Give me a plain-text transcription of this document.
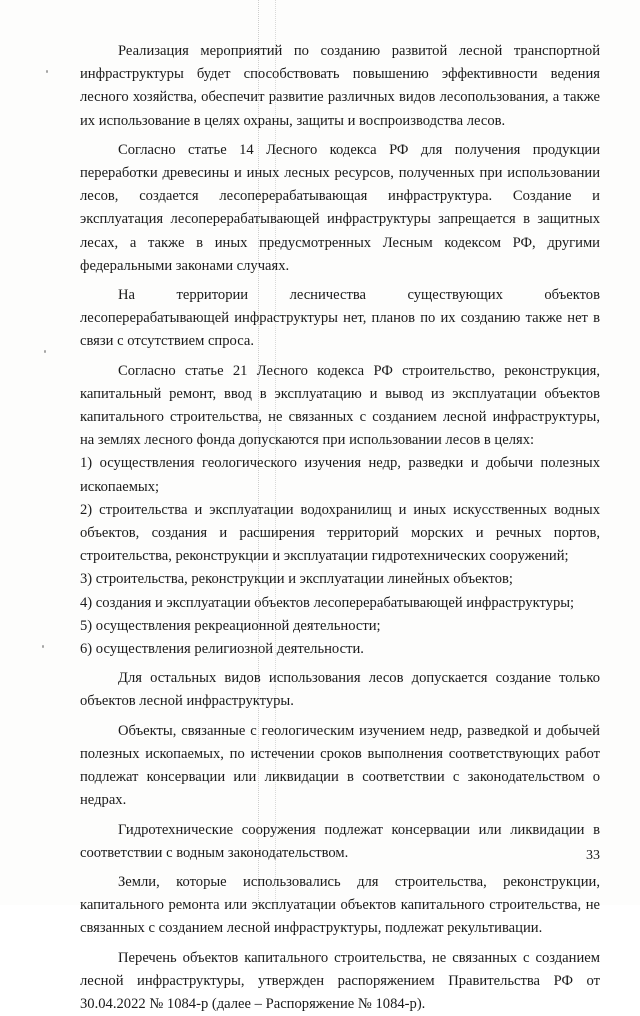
Реализация мероприятий по созданию развитой лесной транспортной инфраструктуры будет способствовать повышению эффективности ведения лесного хозяйства, обеспечит развитие различных видов лесопользования, а также их использование в целях охраны, защиты и воспроизводства лесов.

Согласно статье 14 Лесного кодекса РФ для получения продукции переработки древесины и иных лесных ресурсов, полученных при использовании лесов, создается лесоперерабатывающая инфраструктура. Создание и эксплуатация лесоперерабатывающей инфраструктуры запрещается в защитных лесах, а также в иных предусмотренных Лесным кодексом РФ, другими федеральными законами случаях.

На территории лесничества существующих объектов лесоперерабатывающей инфраструктуры нет, планов по их созданию также нет в связи с отсутствием спроса.

Согласно статье 21 Лесного кодекса РФ строительство, реконструкция, капитальный ремонт, ввод в эксплуатацию и вывод из эксплуатации объектов капитального строительства, не связанных с созданием лесной инфраструктуры, на землях лесного фонда допускаются при использовании лесов в целях:

1) осуществления геологического изучения недр, разведки и добычи полезных ископаемых;

2) строительства и эксплуатации водохранилищ и иных искусственных водных объектов, создания и расширения территорий морских и речных портов, строительства, реконструкции и эксплуатации гидротехнических сооружений;

3) строительства, реконструкции и эксплуатации линейных объектов;

4) создания и эксплуатации объектов лесоперерабатывающей инфраструктуры;

5) осуществления рекреационной деятельности;

6) осуществления религиозной деятельности.

Для остальных видов использования лесов допускается создание только объектов лесной инфраструктуры.

Объекты, связанные с геологическим изучением недр, разведкой и добычей полезных ископаемых, по истечении сроков выполнения соответствующих работ подлежат консервации или ликвидации в соответствии с законодательством о недрах.

Гидротехнические сооружения подлежат консервации или ликвидации в соответствии с водным законодательством.

Земли, которые использовались для строительства, реконструкции, капитального ремонта или эксплуатации объектов капитального строительства, не связанных с созданием лесной инфраструктуры, подлежат рекультивации.

Перечень объектов капитального строительства, не связанных с созданием лесной инфраструктуры, утвержден распоряжением Правительства РФ от 30.04.2022 № 1084-р (далее – Распоряжение № 1084-р).

33
